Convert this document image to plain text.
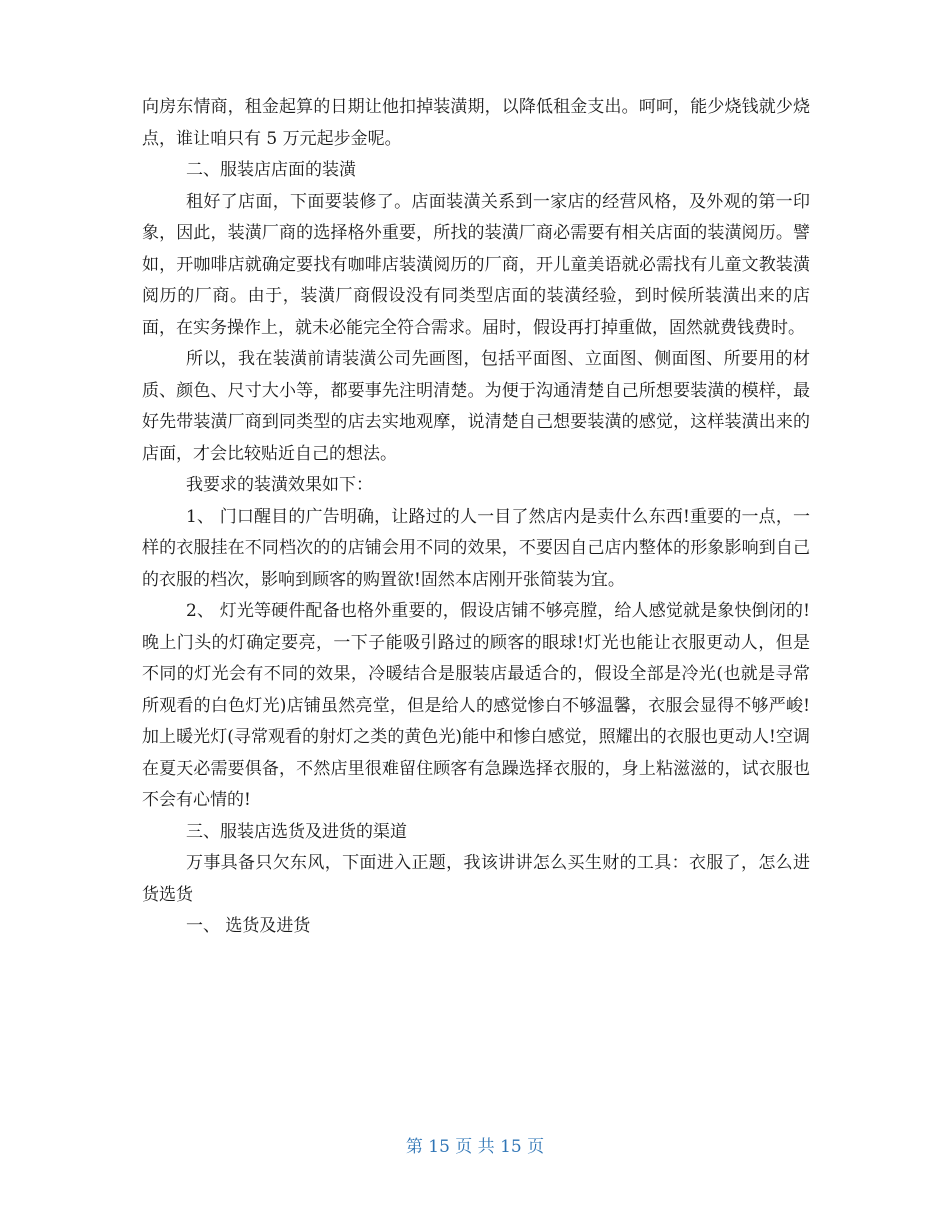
向房东情商，租金起算的日期让他扣掉装潢期，以降低租金支出。呵呵，能少烧钱就少烧点，谁让咱只有 5 万元起步金呢。

二、服装店店面的装潢

租好了店面，下面要装修了。店面装潢关系到一家店的经营风格，及外观的第一印象，因此，装潢厂商的选择格外重要，所找的装潢厂商必需要有相关店面的装潢阅历。譬如，开咖啡店就确定要找有咖啡店装潢阅历的厂商，开儿童美语就必需找有儿童文教装潢阅历的厂商。由于，装潢厂商假设没有同类型店面的装潢经验，到时候所装潢出来的店面，在实务操作上，就未必能完全符合需求。届时，假设再打掉重做，固然就费钱费时。

所以，我在装潢前请装潢公司先画图，包括平面图、立面图、侧面图、所要用的材质、颜色、尺寸大小等，都要事先注明清楚。为便于沟通清楚自己所想要装潢的模样，最好先带装潢厂商到同类型的店去实地观摩，说清楚自己想要装潢的感觉，这样装潢出来的店面，才会比较贴近自己的想法。

我要求的装潢效果如下：

1、 门口醒目的广告明确，让路过的人一目了然店内是卖什么东西!重要的一点，一样的衣服挂在不同档次的的店铺会用不同的效果，不要因自己店内整体的形象影响到自己的衣服的档次，影响到顾客的购置欲!固然本店刚开张简装为宜。

2、 灯光等硬件配备也格外重要的，假设店铺不够亮膛，给人感觉就是象快倒闭的!晚上门头的灯确定要亮，一下子能吸引路过的顾客的眼球!灯光也能让衣服更动人，但是不同的灯光会有不同的效果，冷暖结合是服装店最适合的，假设全部是冷光(也就是寻常所观看的白色灯光)店铺虽然亮堂，但是给人的感觉惨白不够温馨，衣服会显得不够严峻!加上暖光灯(寻常观看的射灯之类的黄色光)能中和惨白感觉，照耀出的衣服也更动人!空调在夏天必需要俱备，不然店里很难留住顾客有急躁选择衣服的，身上粘滋滋的，试衣服也不会有心情的!

三、服装店选货及进货的渠道

万事具备只欠东风，下面进入正题，我该讲讲怎么买生财的工具：衣服了，怎么进货选货

一、 选货及进货

第 15 页 共 15 页
